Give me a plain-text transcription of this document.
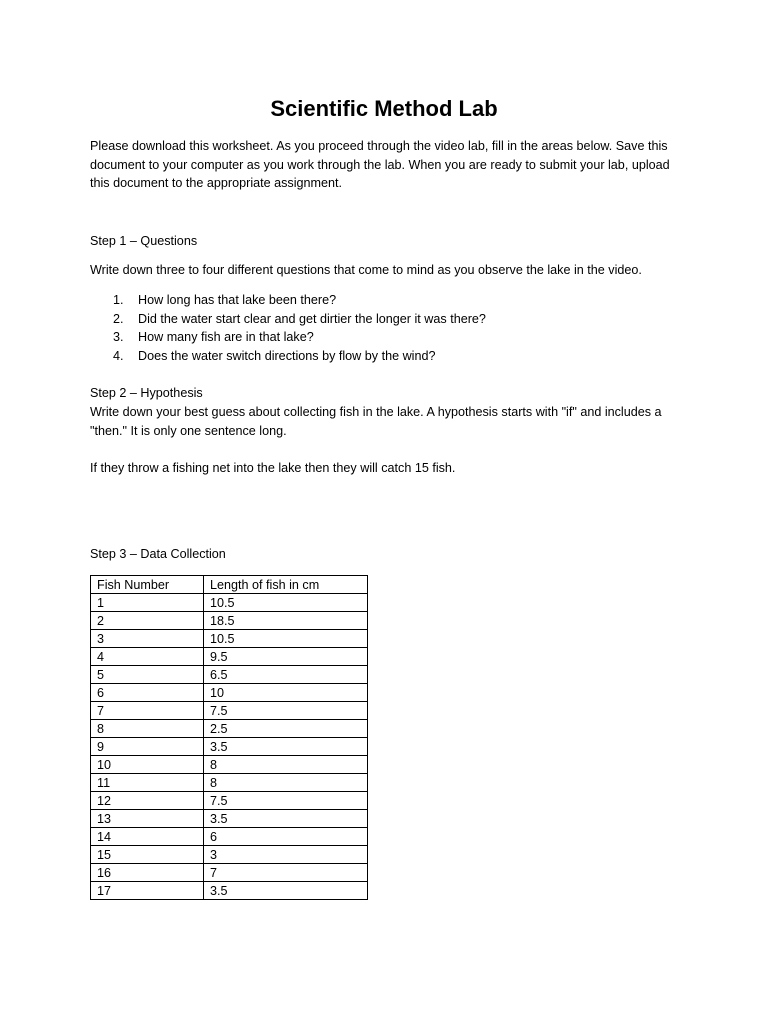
Scientific Method Lab
Please download this worksheet. As you proceed through the video lab, fill in the areas below. Save this document to your computer as you work through the lab. When you are ready to submit your lab, upload this document to the appropriate assignment.
Step 1 – Questions
Write down three to four different questions that come to mind as you observe the lake in the video.
1. How long has that lake been there?
2. Did the water start clear and get dirtier the longer it was there?
3. How many fish are in that lake?
4. Does the water switch directions by flow by the wind?
Step 2 – Hypothesis
Write down your best guess about collecting fish in the lake. A hypothesis starts with "if" and includes a "then." It is only one sentence long.
If they throw a fishing net into the lake then they will catch 15 fish.
Step 3 – Data Collection
Fish Number	Length of fish in cm
1	10.5
2	18.5
3	10.5
4	9.5
5	6.5
6	10
7	7.5
8	2.5
9	3.5
10	8
11	8
12	7.5
13	3.5
14	6
15	3
16	7
17	3.5
